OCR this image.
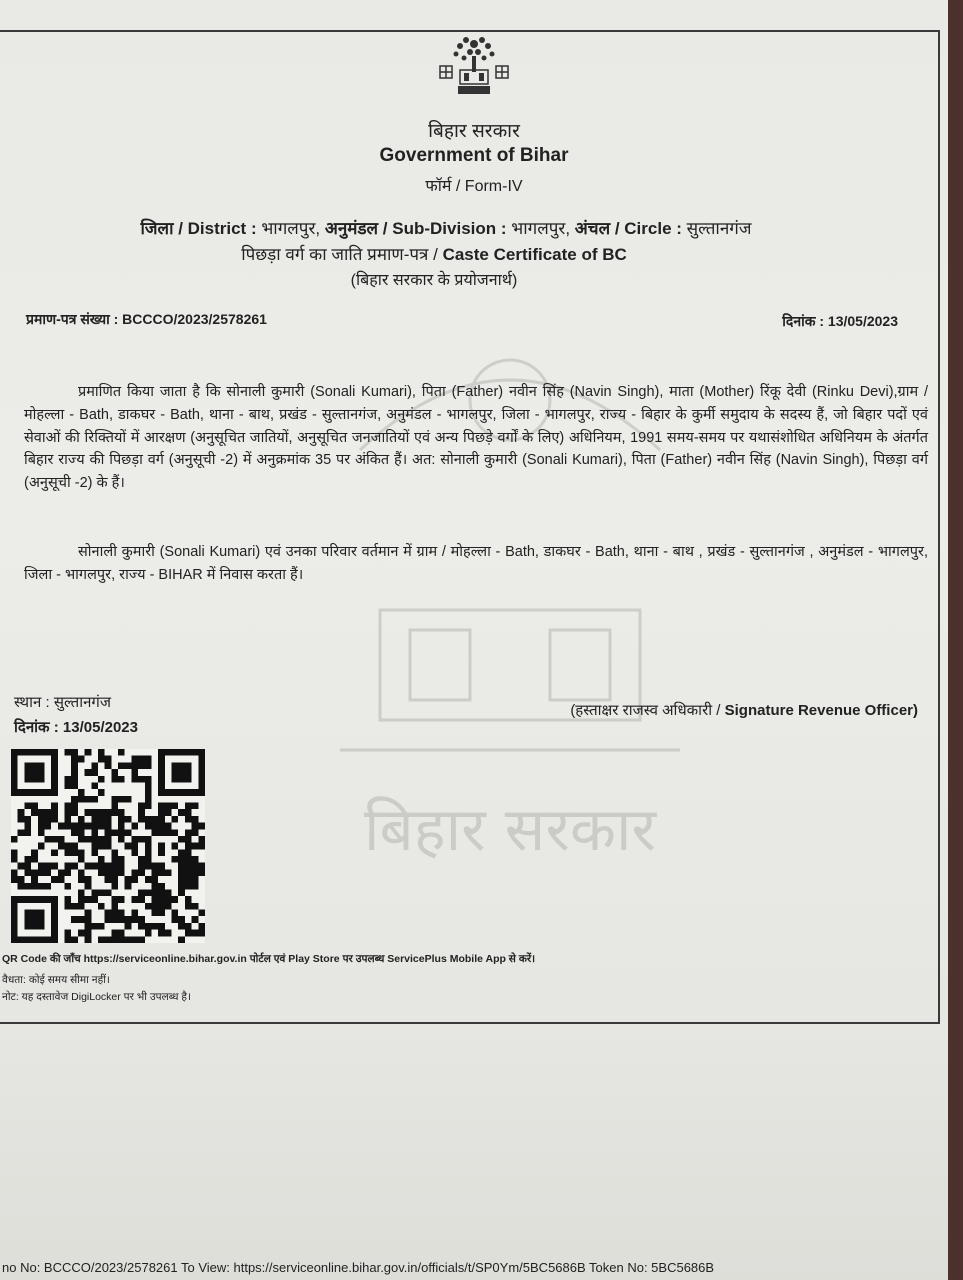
बिहार सरकार
बिहार सरकार
Government of Bihar
फॉर्म / Form-IV
जिला / District : भागलपुर, अनुमंडल / Sub-Division : भागलपुर, अंचल / Circle : सुल्तानगंज
पिछड़ा वर्ग का जाति प्रमाण-पत्र / Caste Certificate of BC
(बिहार सरकार के प्रयोजनार्थ)
प्रमाण-पत्र संख्या : BCCCO/2023/2578261	दिनांक : 13/05/2023
प्रमाणित किया जाता है कि सोनाली कुमारी (Sonali Kumari), पिता (Father) नवीन सिंह (Navin Singh), माता (Mother) रिंकू देवी (Rinku Devi),ग्राम / मोहल्ला - Bath, डाकघर - Bath, थाना - बाथ, प्रखंड - सुल्तानगंज, अनुमंडल - भागलपुर, जिला - भागलपुर, राज्य - बिहार के कुर्मी समुदाय के सदस्य हैं, जो बिहार पदों एवं सेवाओं की रिक्तियों में आरक्षण (अनुसूचित जातियों, अनुसूचित जनजातियों एवं अन्य पिछड़े वर्गों के लिए) अधिनियम, 1991 समय-समय पर यथासंशोधित अधिनियम के अंतर्गत बिहार राज्य की पिछड़ा वर्ग (अनुसूची -2) में अनुक्रमांक 35 पर अंकित हैं। अत: सोनाली कुमारी (Sonali Kumari), पिता (Father) नवीन सिंह (Navin Singh), पिछड़ा वर्ग (अनुसूची -2) के हैं।
सोनाली कुमारी (Sonali Kumari) एवं उनका परिवार वर्तमान में ग्राम / मोहल्ला - Bath, डाकघर - Bath, थाना - बाथ , प्रखंड - सुल्तानगंज , अनुमंडल - भागलपुर, जिला - भागलपुर, राज्य - BIHAR में निवास करता हैं।
स्थान : सुल्तानगंज
दिनांक : 13/05/2023
(हस्ताक्षर राजस्व अधिकारी / Signature Revenue Officer)
QR Code की जाँच https://serviceonline.bihar.gov.in पोर्टल एवं Play Store पर उपलब्ध ServicePlus Mobile App से करें।
वैधता: कोई समय सीमा नहीं।
नोट: यह दस्तावेज DigiLocker पर भी उपलब्ध है।
no No: BCCCO/2023/2578261 To View: https://serviceonline.bihar.gov.in/officials/t/SP0Ym/5BC5686B Token No: 5BC5686B
